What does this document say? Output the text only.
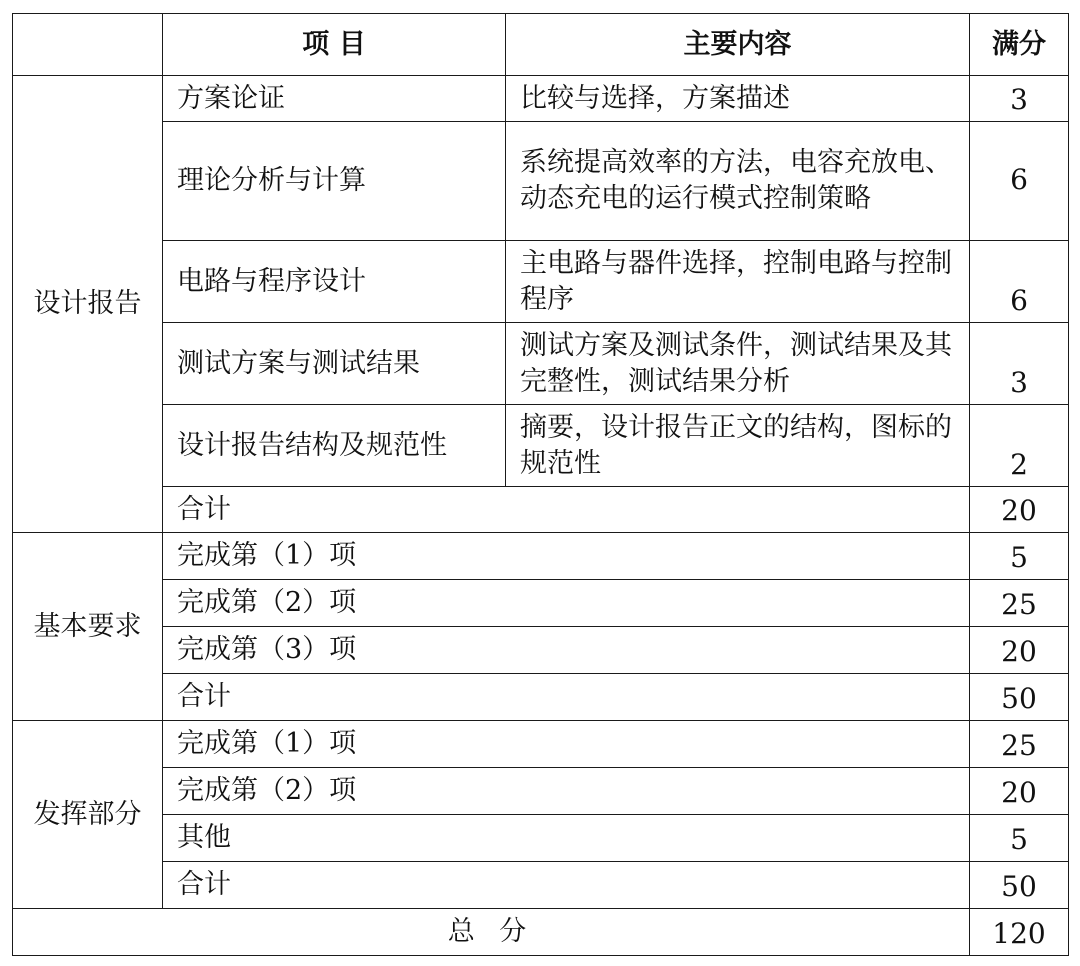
	项 目	主要内容	满分
设计报告	方案论证	比较与选择，方案描述	3
	理论分析与计算	系统提高效率的方法，电容充放电、动态充电的运行模式控制策略	6
	电路与程序设计	主电路与器件选择，控制电路与控制程序	6
	测试方案与测试结果	测试方案及测试条件，测试结果及其完整性，测试结果分析	3
	设计报告结构及规范性	摘要，设计报告正文的结构，图标的规范性	2
	合计		20
基本要求	完成第（1）项		5
	完成第（2）项		25
	完成第（3）项		20
	合计		50
发挥部分	完成第（1）项		25
	完成第（2）项		20
	其他		5
	合计		50
总 分			120
